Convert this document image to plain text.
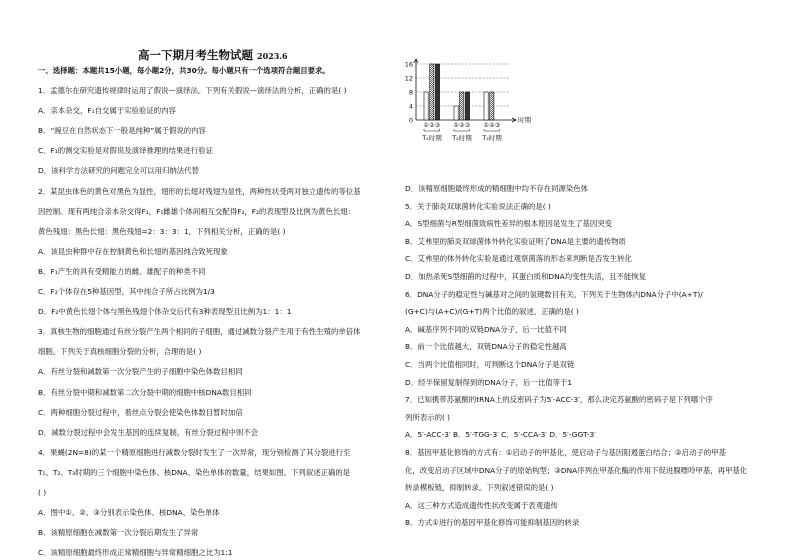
高一下期月考生物试题 2023.6
一、选择题：本题共15小题，每小题2分，共30分。每小题只有一个选项符合题目要求。
0
4
8
12
16
① ② ③
T₁时期
① ② ③
T₂时期
① ② ③
T₃时期
时期
1．孟德尔在研究遗传规律时运用了假说—演绎法。下列有关假说—演绎法的分析，正确的是( )
A．亲本杂交，F₁自交属于实验验证的内容
B．“豌豆在自然状态下一般是纯种”属于假说的内容
C．F₁的测交实验是对假说及演绎推理的结果进行验证
D．该科学方法研究的问题完全可以用归纳法代替
2．某昆虫体色的黄色对黑色为显性，翅形的长翅对残翅为显性，两种性状受两对独立遗传的等位基
因控制。现有两纯合亲本杂交得F₁，F₁雌雄个体间相互交配得F₂，F₂的表现型及比例为黄色长翅：
黄色残翅：黑色长翅：黑色残翅=2：3：3：1，下列相关分析，正确的是( )
A．该昆虫种群中存在控制黄色和长翅的基因纯合致死现象
B．F₁产生的具有受精能力的雌、雄配子的种类不同
C．F₂个体存在5种基因型，其中纯合子所占比例为1/3
D．F₂中黄色长翅个体与黑色残翅个体杂交后代有3种表现型且比例为1：1：1
3．真核生物的细胞通过有丝分裂产生两个相同的子细胞，通过减数分裂产生用于有性生殖的单倍体
细胞。下列关于真核细胞分裂的分析，合理的是( )
A．有丝分裂和减数第一次分裂产生的子细胞中染色体数目相同
B．有丝分裂中期和减数第二次分裂中期的细胞中核DNA数目相同
C．两种细胞分裂过程中，着丝点分裂会使染色体数目暂时加倍
D．减数分裂过程中会发生基因的连续复制，有丝分裂过程中则不会
4．果蝇(2N=8)的某一个精原细胞进行减数分裂时发生了一次异常，现分别检测了其分裂进行至
T₁、T₂、T₃时期的三个细胞中染色体、核DNA、染色单体的数量，结果如图。下列叙述正确的是
( )
A．图中①、②、③分别表示染色体、核DNA、染色单体
B．该精原细胞在减数第一次分裂后期发生了异常
C．该精原细胞最终形成正常精细胞与异常精细胞之比为1:1
D．该精原细胞最终形成的精细胞中均不存在同源染色体
5．关于肺炎双球菌转化实验说法正确的是( )
A．S型细菌与R型细菌致病性差异的根本原因是发生了基因突变
B．艾弗里的肺炎双球菌体外转化实验证明了DNA是主要的遗传物质
C．艾弗里的体外转化实验是通过观察菌落的形态来判断是否发生转化
D．加热杀死S型细菌的过程中，其蛋白质和DNA均变性失活，且不能恢复
6．DNA分子的稳定性与碱基对之间的氢键数目有关。下列关于生物体内DNA分子中(A+T)/
(G+C)与(A+C)/(G+T)两个比值的叙述，正确的是( )
A．碱基序列不同的双链DNA分子，后一比值不同
B．前一个比值越大，双链DNA分子的稳定性越高
C．当两个比值相同时，可判断这个DNA分子是双链
D．经半保留复制得到的DNA分子，后一比值等于1
7．已知携带苏氨酸的tRNA上的反密码子为5′-ACC-3′，那么决定苏氨酸的密码子是下列哪个序
列所表示的( )
A．5′-ACC-3′ B．5′-TGG-3′ C．5′-CCA-3′ D．5′-GGT-3′
8．基因甲基化修饰的方式有：①启动子的甲基化，使启动子与基因阻遏蛋白结合；②启动子的甲基
化，改变启动子区域中DNA分子的原始构型；③DNA序列在甲基化酶的作用下促进腺嘌呤甲基，再甲基化
转录模板链，抑制转录。下列叙述错误的是( )
A．这三种方式造成遗传性状改变属于表观遗传
B．方式①进行的基因甲基化修饰可能抑制基因的转录
